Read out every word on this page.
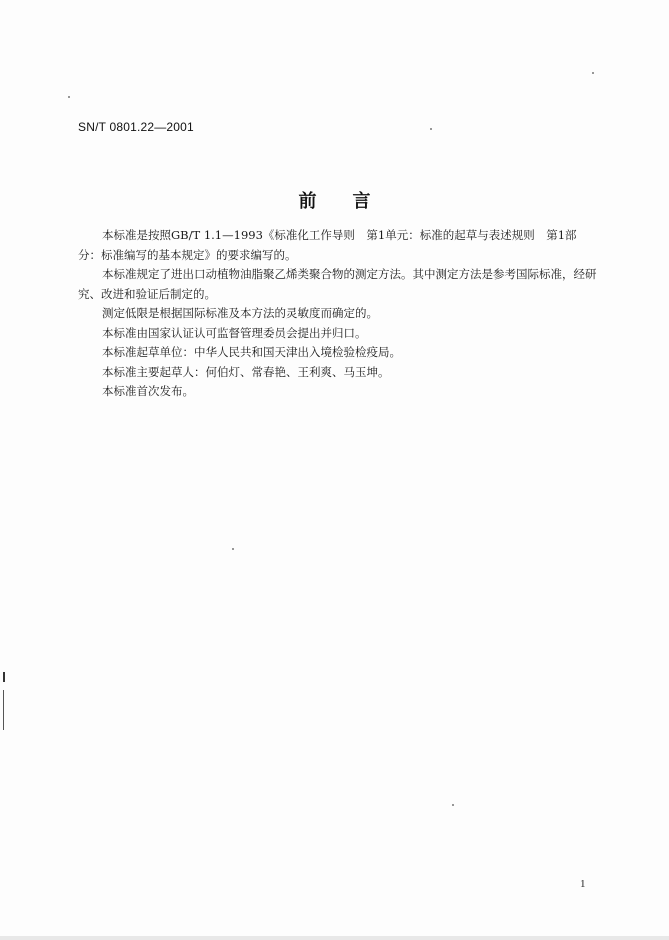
SN/T 0801.22—2001
前言

本标准是按照GB/T 1.1—1993《标准化工作导则　第1单元：标准的起草与表述规则　第1部分：标准编写的基本规定》的要求编写的。

本标准规定了进出口动植物油脂聚乙烯类聚合物的测定方法。其中测定方法是参考国际标准，经研究、改进和验证后制定的。

测定低限是根据国际标准及本方法的灵敏度而确定的。

本标准由国家认证认可监督管理委员会提出并归口。

本标准起草单位：中华人民共和国天津出入境检验检疫局。

本标准主要起草人：何伯灯、常春艳、王利爽、马玉坤。

本标准首次发布。

1
